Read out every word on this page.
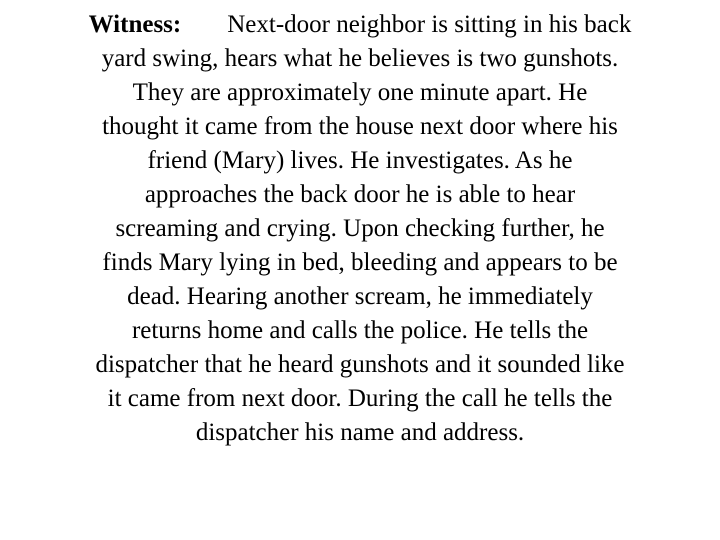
Witness: Next-door neighbor is sitting in his back
yard swing, hears what he believes is two gunshots.
They are approximately one minute apart. He
thought it came from the house next door where his
friend (Mary) lives. He investigates. As he
approaches the back door he is able to hear
screaming and crying. Upon checking further, he
finds Mary lying in bed, bleeding and appears to be
dead. Hearing another scream, he immediately
returns home and calls the police. He tells the
dispatcher that he heard gunshots and it sounded like
it came from next door. During the call he tells the
dispatcher his name and address.
